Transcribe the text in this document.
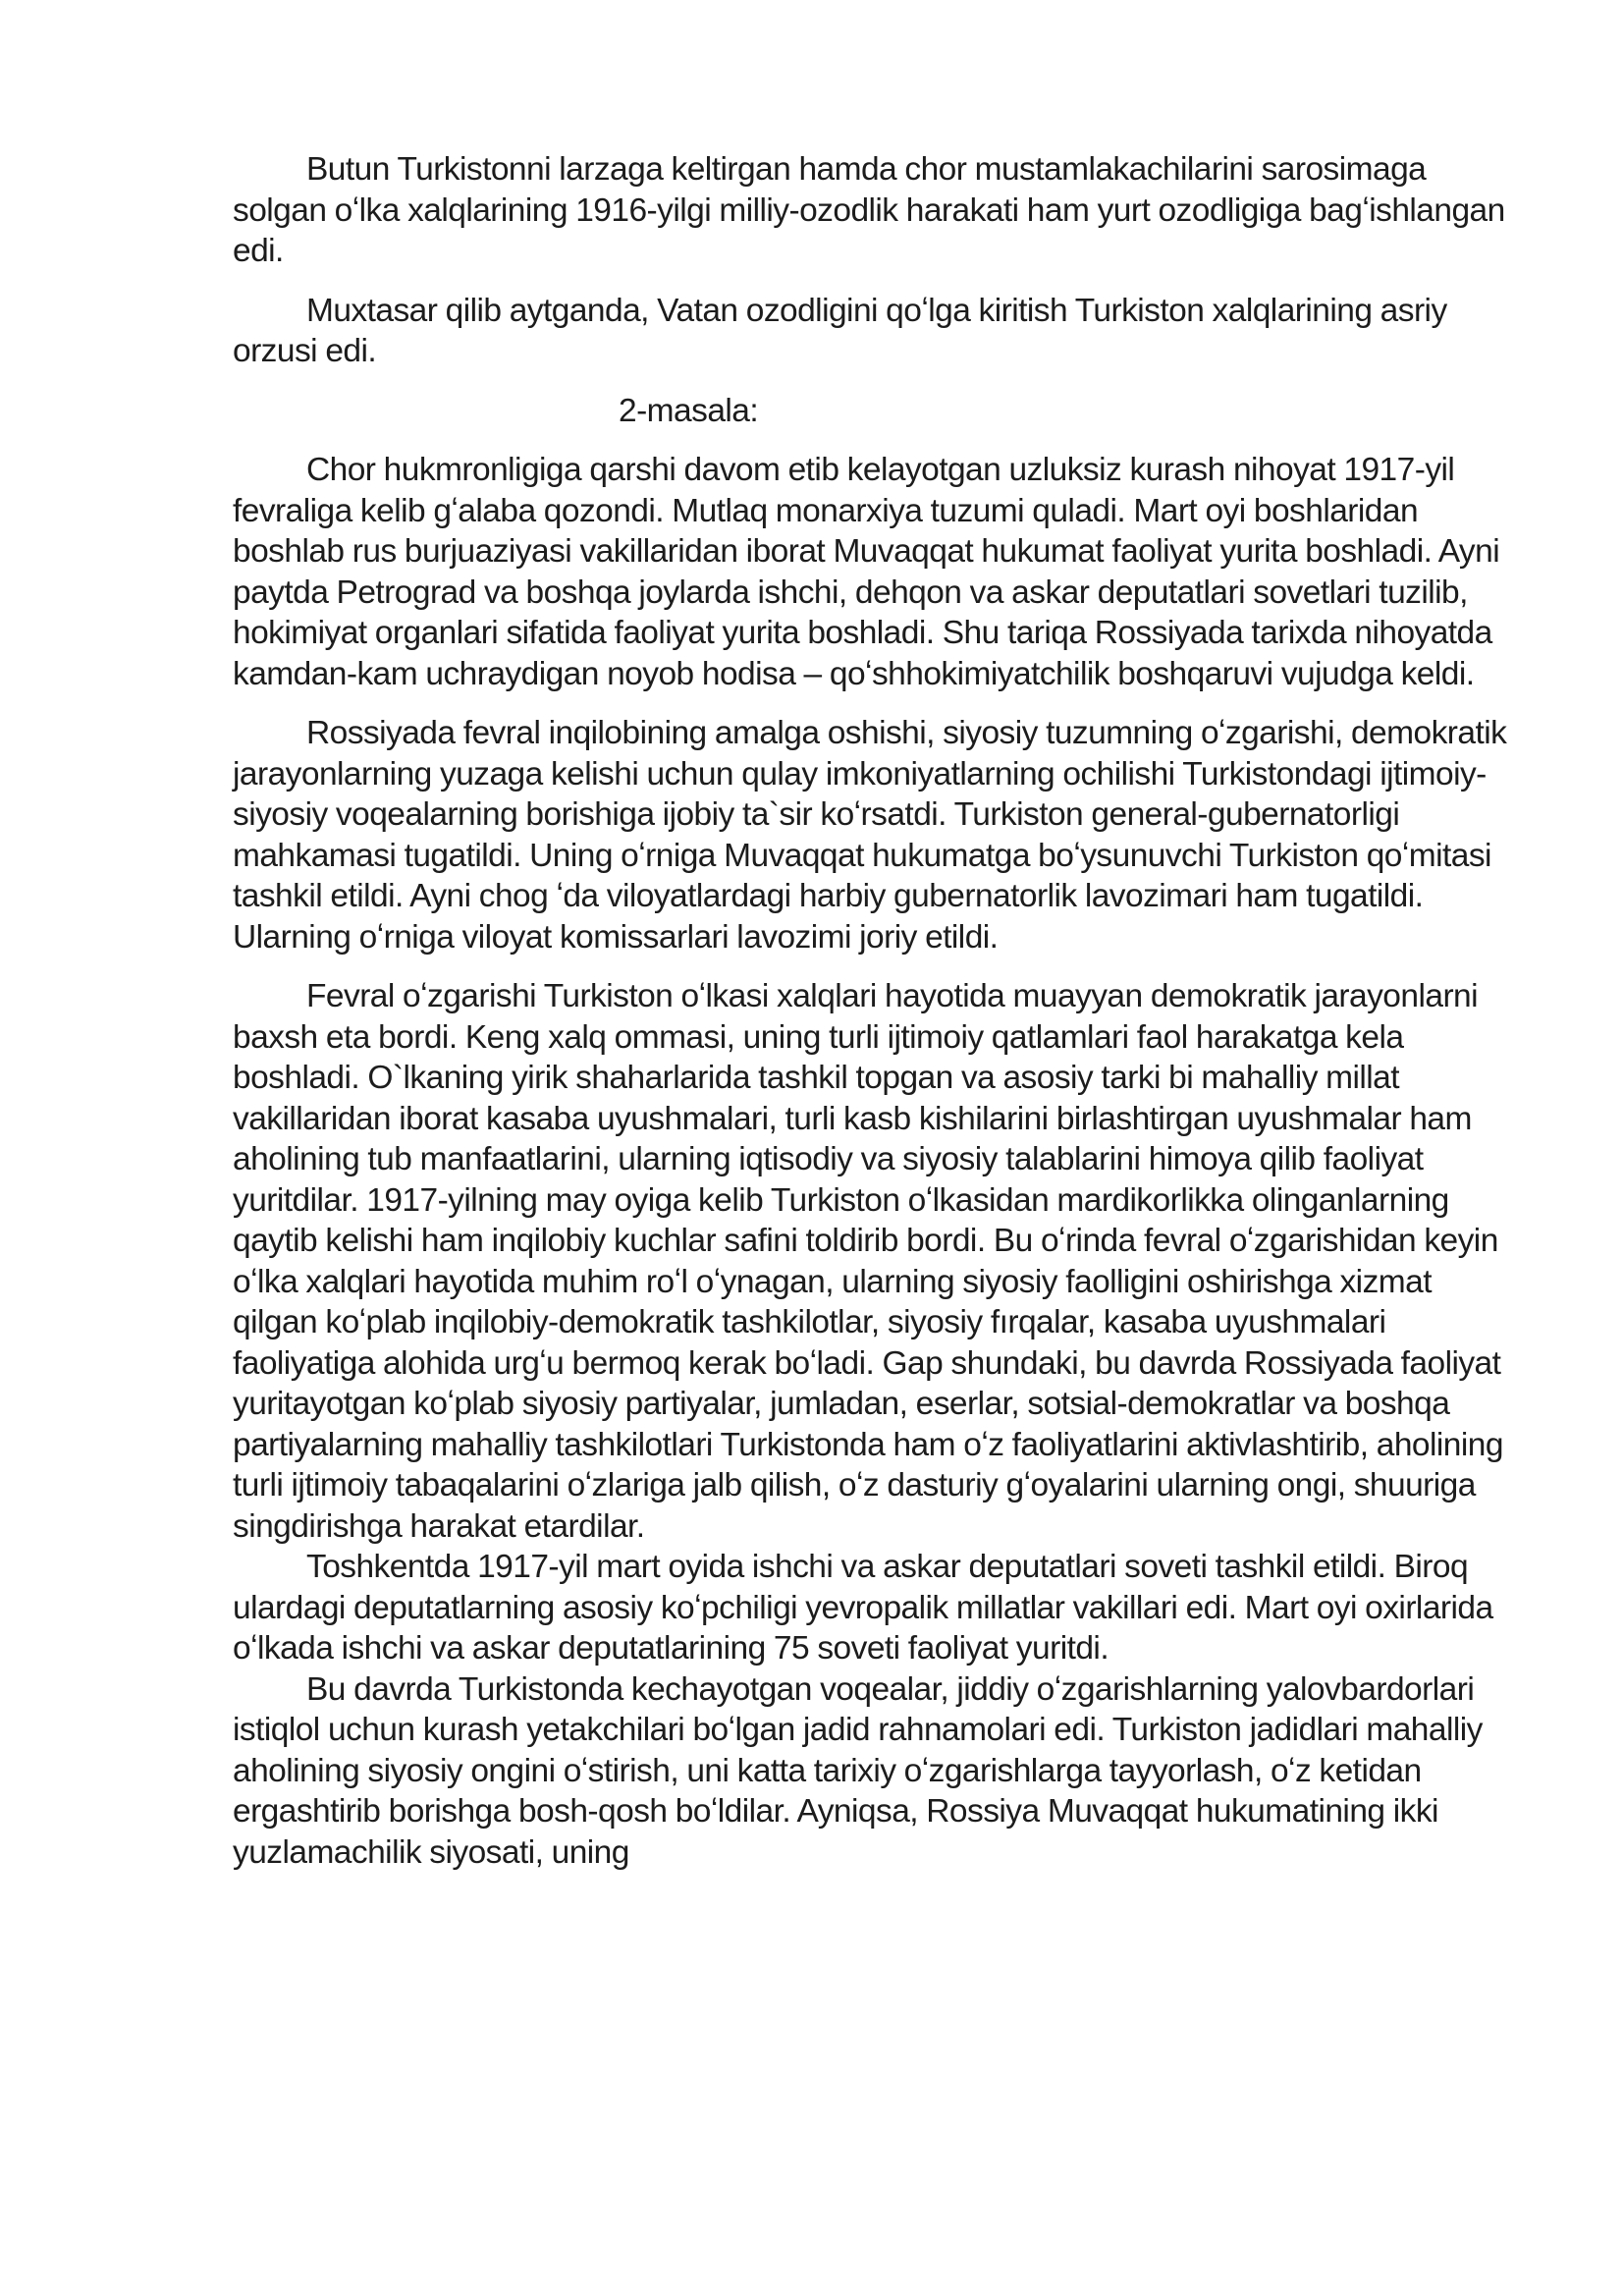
Butun Turkistonni larzaga keltirgan hamda chor mustamlakachilarini sarosimaga solgan oʻlka xalqlarining 1916-yilgi milliy-ozodlik harakati ham yurt ozodligiga bagʻishlangan edi.

Muxtasar qilib aytganda, Vatan ozodligini qoʻlga kiritish Turkiston xalqlarining asriy orzusi edi.

2-masala:

Chor hukmronligiga qarshi davom etib kelayotgan uzluksiz kurash nihoyat 1917-yil fevraliga kelib gʻalaba qozondi. Mutlaq monarxiya tuzumi quladi. Mart oyi boshlaridan boshlab rus burjuaziyasi vakillaridan iborat Muvaqqat hukumat faoliyat yurita boshladi. Ayni paytda Petrograd va boshqa joylarda ishchi, dehqon va askar deputatlari sovetlari tuzilib, hokimiyat organlari sifatida faoliyat yurita boshladi. Shu tariqa Rossiyada tarixda nihoyatda kamdan-kam uchraydigan noyob hodisa – qoʻshhokimiyatchilik boshqaruvi vujudga keldi.

Rossiyada fevral inqilobining amalga oshishi, siyosiy tuzumning oʻzgarishi, demokratik jarayonlarning yuzaga kelishi uchun qulay imkoniyatlarning ochilishi Turkistondagi ijtimoiy-siyosiy voqealarning borishiga ijobiy ta`sir koʻrsatdi. Turkiston general-gubernatorligi mahkamasi tugatildi. Uning oʻrniga Muvaqqat hukumatga boʻysunuvchi Turkiston qoʻmitasi tashkil etildi. Ayni chog ʻda viloyatlardagi harbiy gubernatorlik lavozimari ham tugatildi. Ularning oʻrniga viloyat komissarlari lavozimi joriy etildi.

Fevral oʻzgarishi Turkiston oʻlkasi xalqlari hayotida muayyan demokratik jarayonlarni baxsh eta bordi. Keng xalq ommasi, uning turli ijtimoiy qatlamlari faol harakatga kela boshladi. O`lkaning yirik shaharlarida tashkil topgan va asosiy tarki bi mahalliy millat vakillaridan iborat kasaba uyushmalari, turli kasb kishilarini birlashtirgan uyushmalar ham aholining tub manfaatlarini, ularning iqtisodiy va siyosiy talablarini himoya qilib faoliyat yuritdilar. 1917-yilning may oyiga kelib Turkiston oʻlkasidan mardikorlikka olinganlarning qaytib kelishi ham inqilobiy kuchlar safini toldirib bordi. Bu oʻrinda fevral oʻzgarishidan keyin oʻlka xalqlari hayotida muhim roʻl oʻynagan, ularning siyosiy faolligini oshirishga xizmat qilgan koʻplab inqilobiy-demokratik tashkilotlar, siyosiy fırqalar, kasaba uyushmalari faoliyatiga alohida urgʻu bermoq kerak boʻladi. Gap shundaki, bu davrda Rossiyada faoliyat yuritayotgan koʻplab siyosiy partiyalar, jumladan, eserlar, sotsial-demokratlar va boshqa partiyalarning mahalliy tashkilotlari Turkistonda ham oʻz faoliyatlarini aktivlashtirib, aholining turli ijtimoiy tabaqalarini oʻzlariga jalb qilish, oʻz dasturiy gʻoyalarini ularning ongi, shuuriga singdirishga harakat etardilar.

Toshkentda 1917-yil mart oyida ishchi va askar deputatlari soveti tashkil etildi. Biroq ulardagi deputatlarning asosiy koʻpchiligi yevropalik millatlar vakillari edi. Mart oyi oxirlarida oʻlkada ishchi va askar deputatlarining 75 soveti faoliyat yuritdi.

Bu davrda Turkistonda kechayotgan voqealar, jiddiy oʻzgarishlarning yalovbardorlari istiqlol uchun kurash yetakchilari boʻlgan jadid rahnamolari edi. Turkiston jadidlari mahalliy aholining siyosiy ongini oʻstirish, uni katta tarixiy oʻzgarishlarga tayyorlash, oʻz ketidan ergashtirib borishga bosh-qosh boʻldilar. Ayniqsa, Rossiya Muvaqqat hukumatining ikki yuzlamachilik siyosati, uning
